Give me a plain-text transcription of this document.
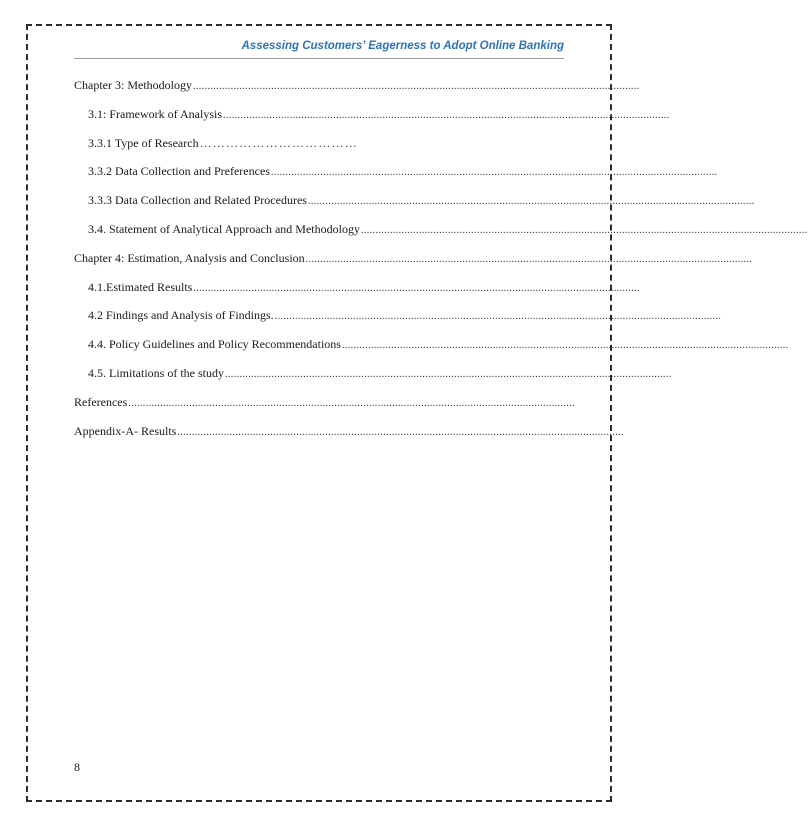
Assessing Customers’ Eagerness to Adopt Online Banking
Chapter 3: Methodology ..........................................................................................................................................................
3.1: Framework of Analysis ..........................................................................................................................................................
3.3.1 Type of Research ………………………………
3.3.2 Data Collection and Preferences ..........................................................................................................................................................
3.3.3 Data Collection and Related Procedures ..........................................................................................................................................................
3.4. Statement of Analytical Approach and Methodology ..........................................................................................................................................................
Chapter 4: Estimation, Analysis and Conclusion ..........................................................................................................................................................
4.1.Estimated Results ..........................................................................................................................................................
4.2 Findings and Analysis of Findings. ..........................................................................................................................................................
4.4. Policy Guidelines and Policy Recommendations ..........................................................................................................................................................
4.5. Limitations of the study ..........................................................................................................................................................
References ..........................................................................................................................................................
Appendix-A- Results ..........................................................................................................................................................
8
